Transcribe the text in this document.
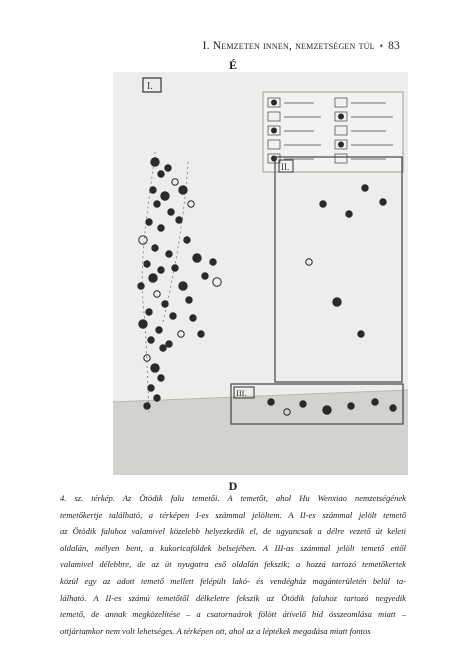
I. Nemzeten innen, nemzetségen túl • 83
É
I.
II.
III.
D
4. sz. térkép. Az Ötödik falu temetői. A temetőt, ahol Hu Wenxiao nemzetségének
temetőkertje található, a térképen I-es számmal jelöltem. A II-es számmal jelölt temető
az Ötödik faluhoz valamivel közelebb helyezkedik el, de ugyancsak a délre vezető út keleti
oldalán, mélyen bent, a kukoricaföldek belsejében. A III-as számmal jelölt temető ettől
valamivel délebbre, de az út nyugatra eső oldalán fekszik; a hozzá tartozó temetőkertek
közül egy az adott temető mellett felépült lakó- és vendégház magánterületén belül ta-
lálható. A II-es számú temetőtől délkeletre fekszik az Ötödik faluhoz tartozó negyedik
temető, de annak megközelítése – a csatornaárok fölött átívelő híd összeomlása miatt –
ottjártamkor nem volt lehetséges. A térképen ott, ahol az a léptékek megadása miatt fontos
